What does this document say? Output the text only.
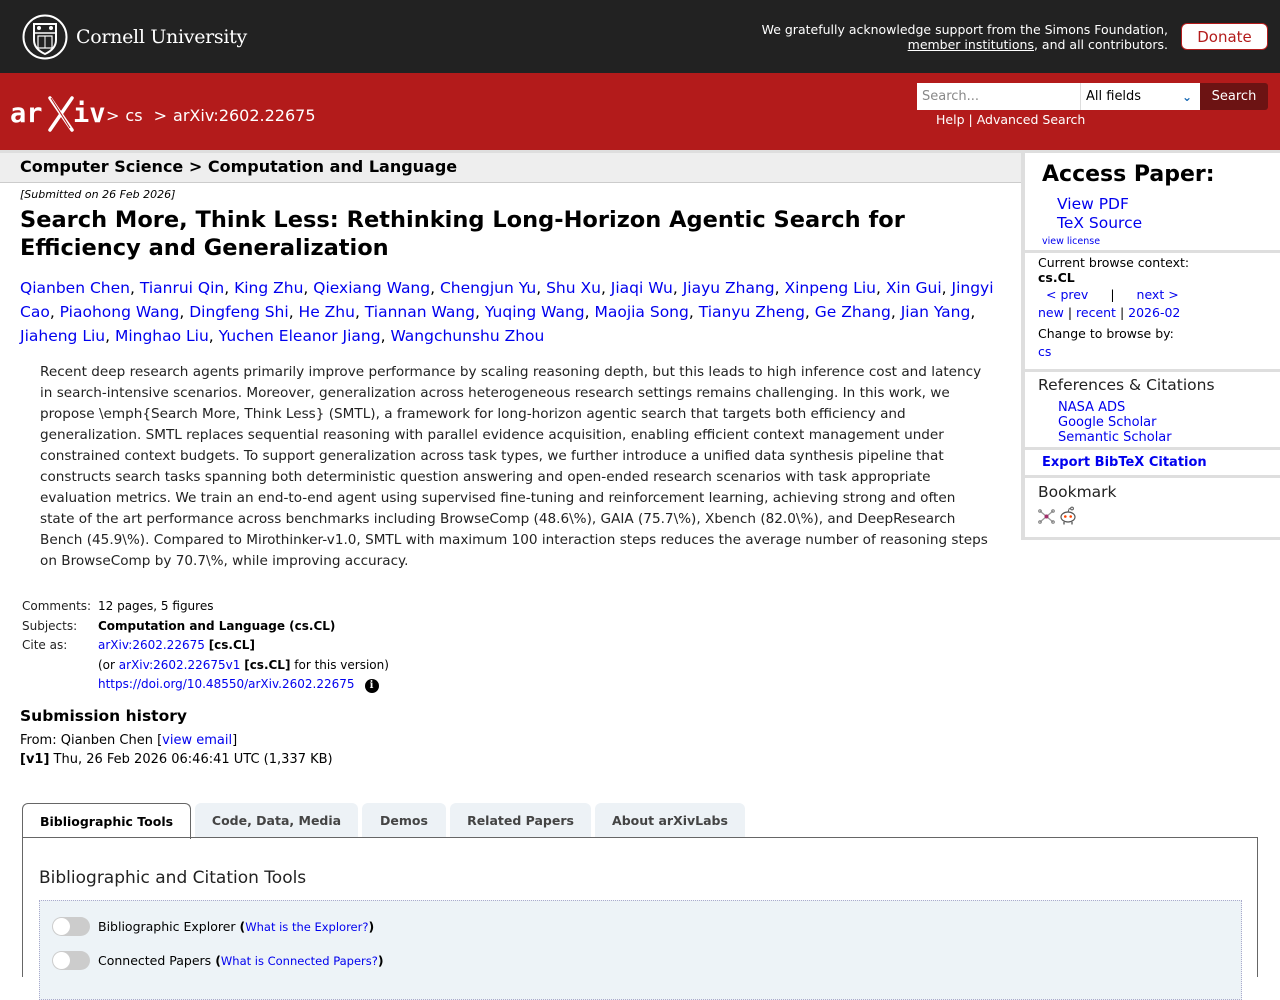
Cornell University	We gratefully acknowledge support from the Simons Foundation,
member institutions, and all contributors.	Donate
ar iv > cs > arXiv:2602.22675
Search...	All fields	⌄	Search
Help | Advanced Search
Computer Science > Computation and Language
[Submitted on 26 Feb 2026]
Search More, Think Less: Rethinking Long-Horizon Agentic Search for Efficiency and Generalization
Qianben Chen, Tianrui Qin, King Zhu, Qiexiang Wang, Chengjun Yu, Shu Xu, Jiaqi Wu, Jiayu Zhang, Xinpeng Liu, Xin Gui, Jingyi Cao, Piaohong Wang, Dingfeng Shi, He Zhu, Tiannan Wang, Yuqing Wang, Maojia Song, Tianyu Zheng, Ge Zhang, Jian Yang, Jiaheng Liu, Minghao Liu, Yuchen Eleanor Jiang, Wangchunshu Zhou
Recent deep research agents primarily improve performance by scaling reasoning depth, but this leads to high inference cost and latency in search-intensive scenarios. Moreover, generalization across heterogeneous research settings remains challenging. In this work, we propose \emph{Search More, Think Less} (SMTL), a framework for long-horizon agentic search that targets both efficiency and generalization. SMTL replaces sequential reasoning with parallel evidence acquisition, enabling efficient context management under constrained context budgets. To support generalization across task types, we further introduce a unified data synthesis pipeline that constructs search tasks spanning both deterministic question answering and open-ended research scenarios with task appropriate evaluation metrics. We train an end-to-end agent using supervised fine-tuning and reinforcement learning, achieving strong and often state of the art performance across benchmarks including BrowseComp (48.6\%), GAIA (75.7\%), Xbench (82.0\%), and DeepResearch Bench (45.9\%). Compared to Mirothinker-v1.0, SMTL with maximum 100 interaction steps reduces the average number of reasoning steps on BrowseComp by 70.7\%, while improving accuracy.
Comments: 12 pages, 5 figures
Subjects:	Computation and Language (cs.CL)
Cite as:	arXiv:2602.22675 [cs.CL]
(or arXiv:2602.22675v1 [cs.CL] for this version)
https://doi.org/10.48550/arXiv.2602.22675 i
Submission history
From: Qianben Chen [view email]
[v1] Thu, 26 Feb 2026 06:46:41 UTC (1,337 KB)
Bibliographic Tools	Code, Data, Media	Demos	Related Papers	About arXivLabs
Bibliographic and Citation Tools
Bibliographic Explorer
( What is the Explorer? )
Connected Papers
( What is Connected Papers? )
Access Paper:
View PDF
TeX Source
view license
Current browse context:
cs.CL
< prev | next >
new | recent | 2026-02
Change to browse by:
cs
References & Citations
NASA ADS
Google Scholar
Semantic Scholar
Export BibTeX Citation
Bookmark
